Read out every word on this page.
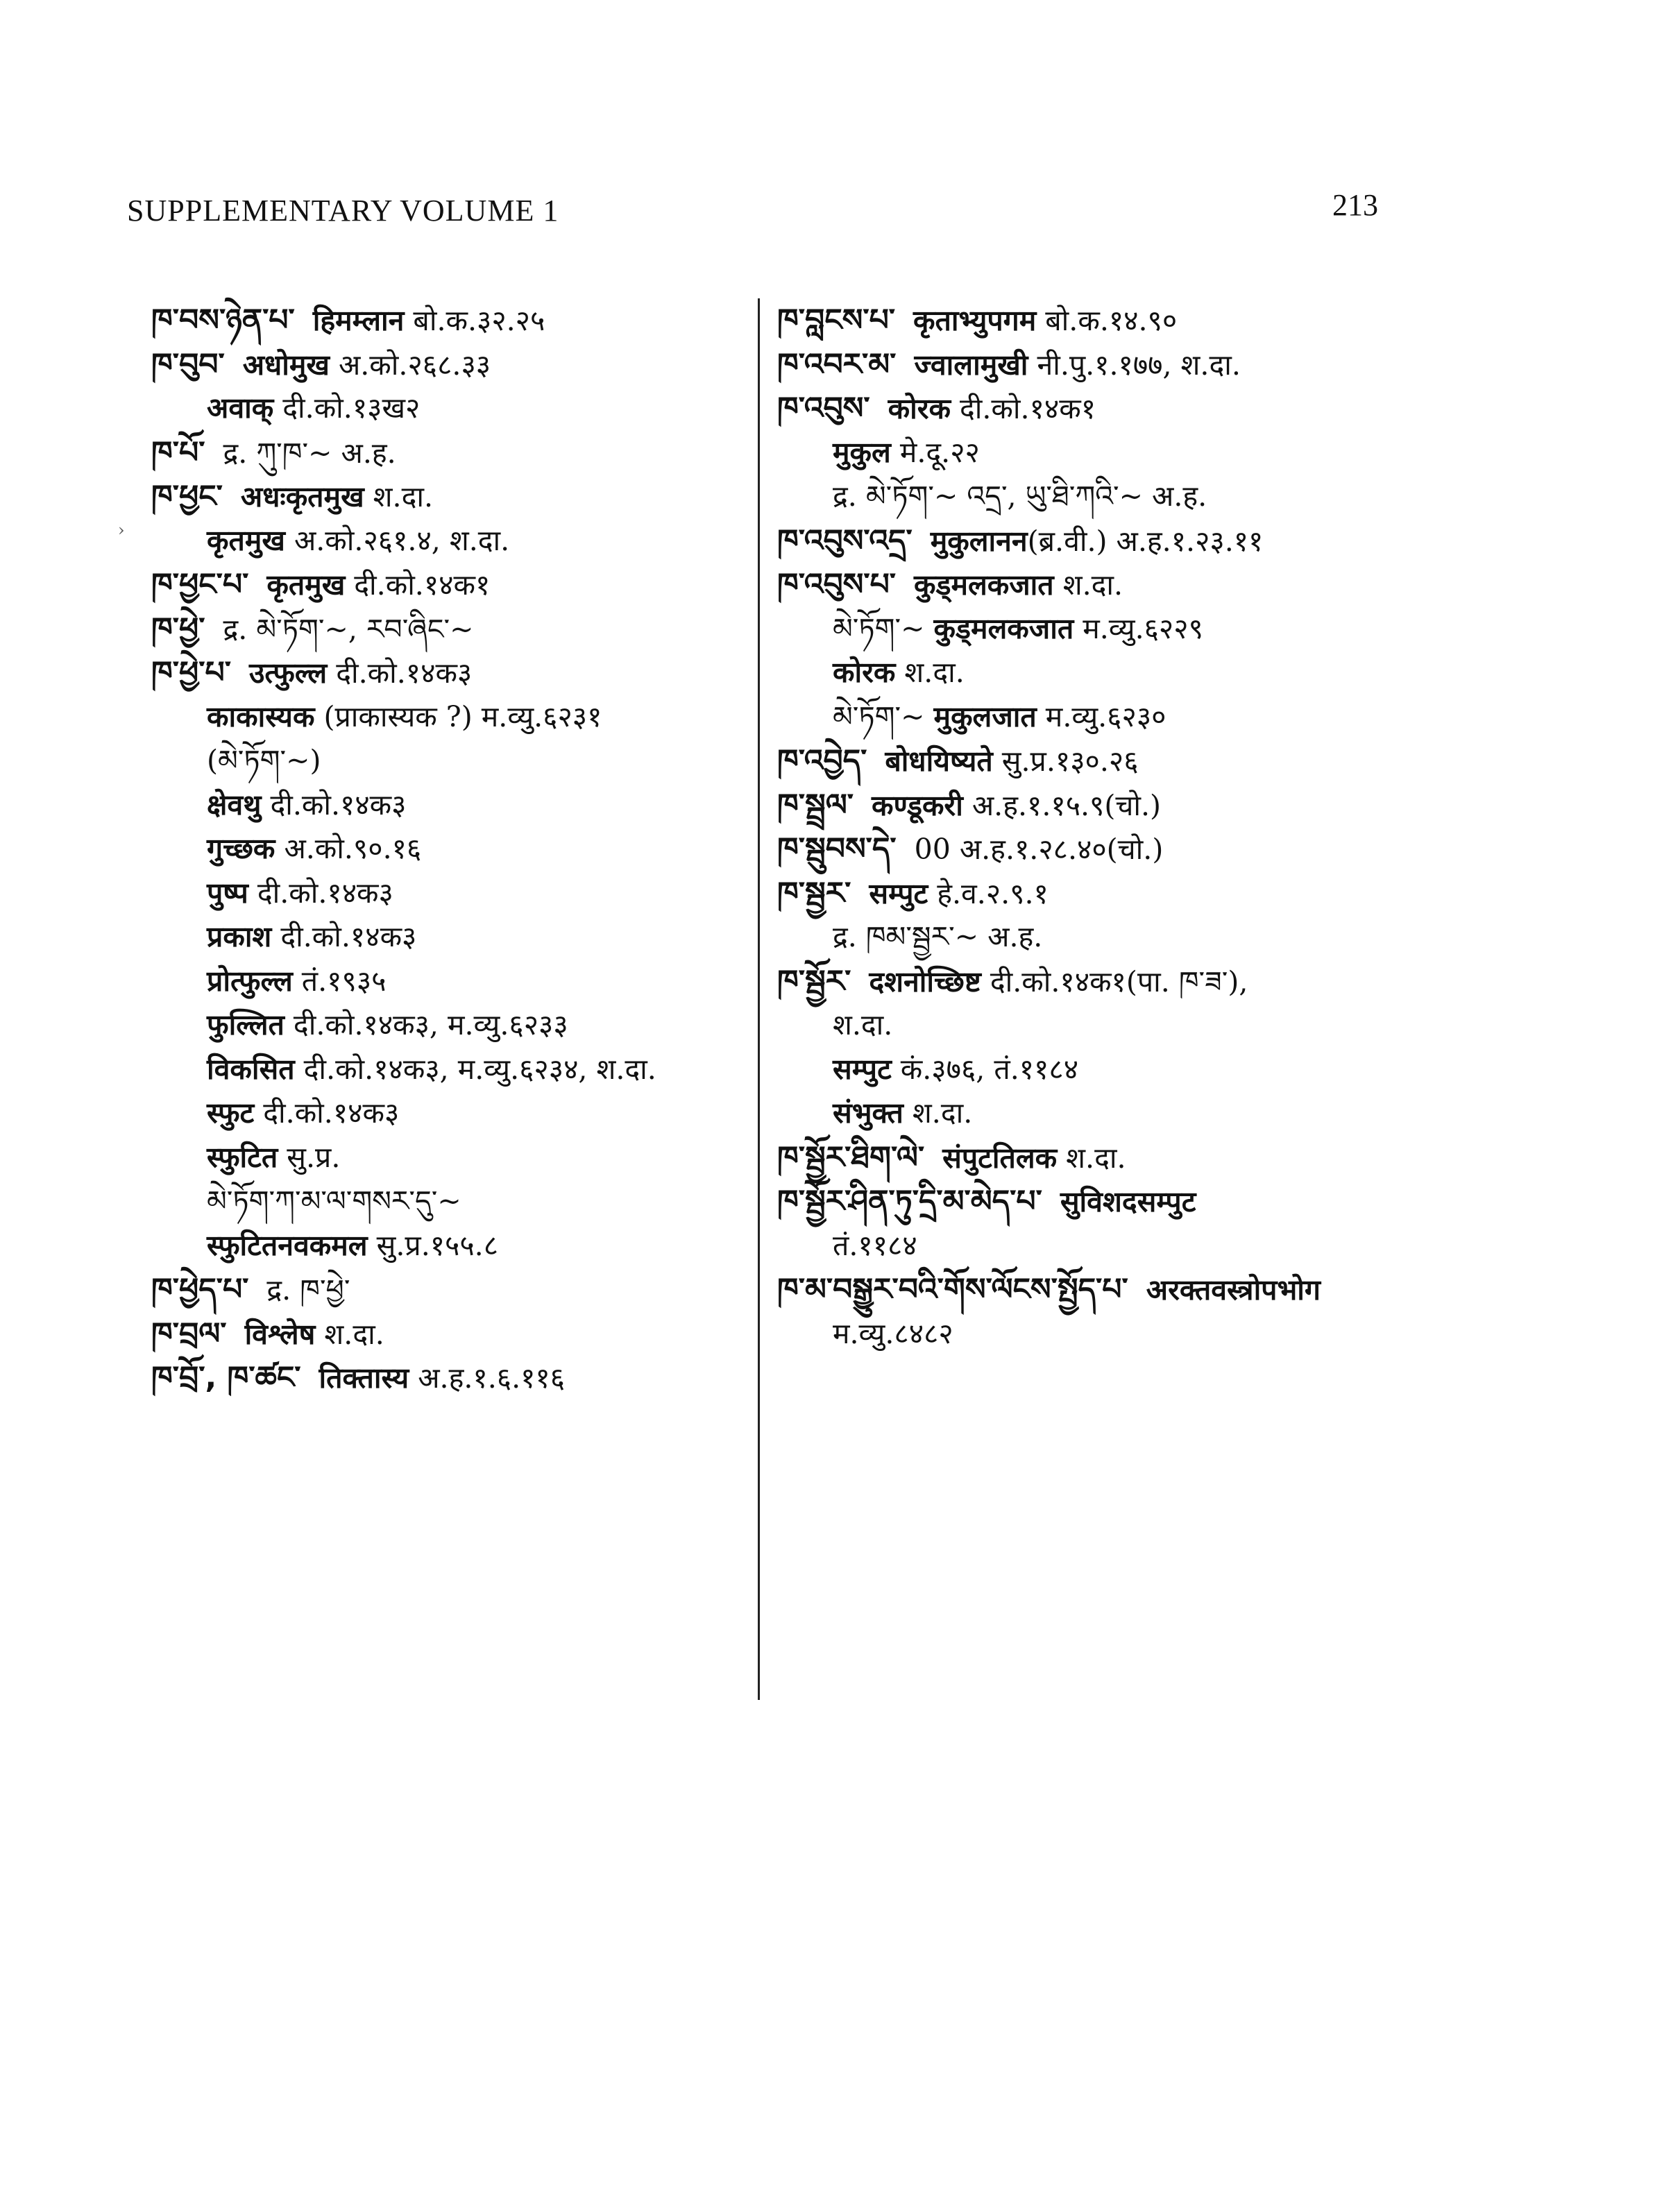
SUPPLEMENTARY VOLUME 1	213
›
ཁ་བས་ཉེན་པ་ हिमम्लान बो.क.३२.२५
ཁ་བུབ་ अधोमुख अ.को.२६८.३३
अवाक् दी.को.१३ख२
ཁ་པོ་ द्र. ཀུ་ཁ་~ अ.ह.
ཁ་ཕྱང་ अधःकृतमुख श.दा.
कृतमुख अ.को.२६१.४, श.दा.
ཁ་ཕྱང་པ་ कृतमुख दी.को.१४क१
ཁ་ཕྱེ་ द्र. མེ་ཏོག་~, རབ་ཞིང་~
ཁ་ཕྱེ་པ་ उत्फुल्ल दी.को.१४क३
काकास्यक (प्राकास्यक ?) म.व्यु.६२३१
(མེ་ཏོག་~)
क्षेवथु दी.को.१४क३
गुच्छक अ.को.९०.१६
पुष्प दी.को.१४क३
प्रकाश दी.को.१४क३
प्रोत्फुल्ल तं.१९३५
फुल्लित दी.को.१४क३, म.व्यु.६२३३
विकसित दी.को.१४क३, म.व्यु.६२३४, श.दा.
स्फुट दी.को.१४क३
स्फुटित सु.प्र.
མེ་ཏོག་ཀ་མ་ལ་གསར་དུ་~
स्फुटितनवकमल सु.प्र.१५५.८
ཁ་ཕྱེད་པ་ द्र. ཁ་ཕྱེ་
ཁ་བྲལ་ विश्लेष श.दा.
ཁ་བྲོ་, ཁ་ཚང་ तिक्तास्य अ.ह.१.६.११६
ཁ་བླངས་པ་ कृताभ्युपगम बो.क.१४.९०
ཁ་འབར་མ་ ज्वालामुखी नी.पु.१.१७७, श.दा.
ཁ་འབུས་ कोरक दी.को.१४क१
मुकुल मे.दू.२२
द्र. མེ་ཏོག་~ འདྲ་, ཡུ་ཐི་ཀའི་~ अ.ह.
ཁ་འབུས་འདྲ་ मुकुलानन(ब्र.वी.) अ.ह.१.२३.११
ཁ་འབུས་པ་ कुड्मलकजात श.दा.
མེ་ཏོག་~ कुड्मलकजात म.व्यु.६२२९
कोरक श.दा.
མེ་ཏོག་~ मुकुलजात म.व्यु.६२३०
ཁ་འབྱེད་ बोधयिष्यते सु.प्र.१३०.२६
ཁ་སྦྲལ་ कण्डूकरी अ.ह.१.१५.९(चो.)
ཁ་སྦུབས་དེ་ 00 अ.ह.१.२८.४०(चो.)
ཁ་སྦྱར་ सम्पुट हे.व.२.९.१
द्र. ཁམ་སྦྱར་~ अ.ह.
ཁ་སྦྱོར་ दशनोच्छिष्ट दी.को.१४क१(पा. ཁ་ཟ་),
श.दा.
सम्पुट कं.३७६, तं.११८४
संभुक्त श.दा.
ཁ་སྦྱོར་ཐིག་ལེ་ संपुटतिलक श.दा.
ཁ་སྦྱོར་ཤིན་ཏུ་དྲི་མ་མེད་པ་ सुविशदसम्पुट
तं.११८४
ཁ་མ་བསྒྱུར་བའི་གོས་ལོངས་སྤྱོད་པ་ अरक्तवस्त्रोपभोग
म.व्यु.८४८२
